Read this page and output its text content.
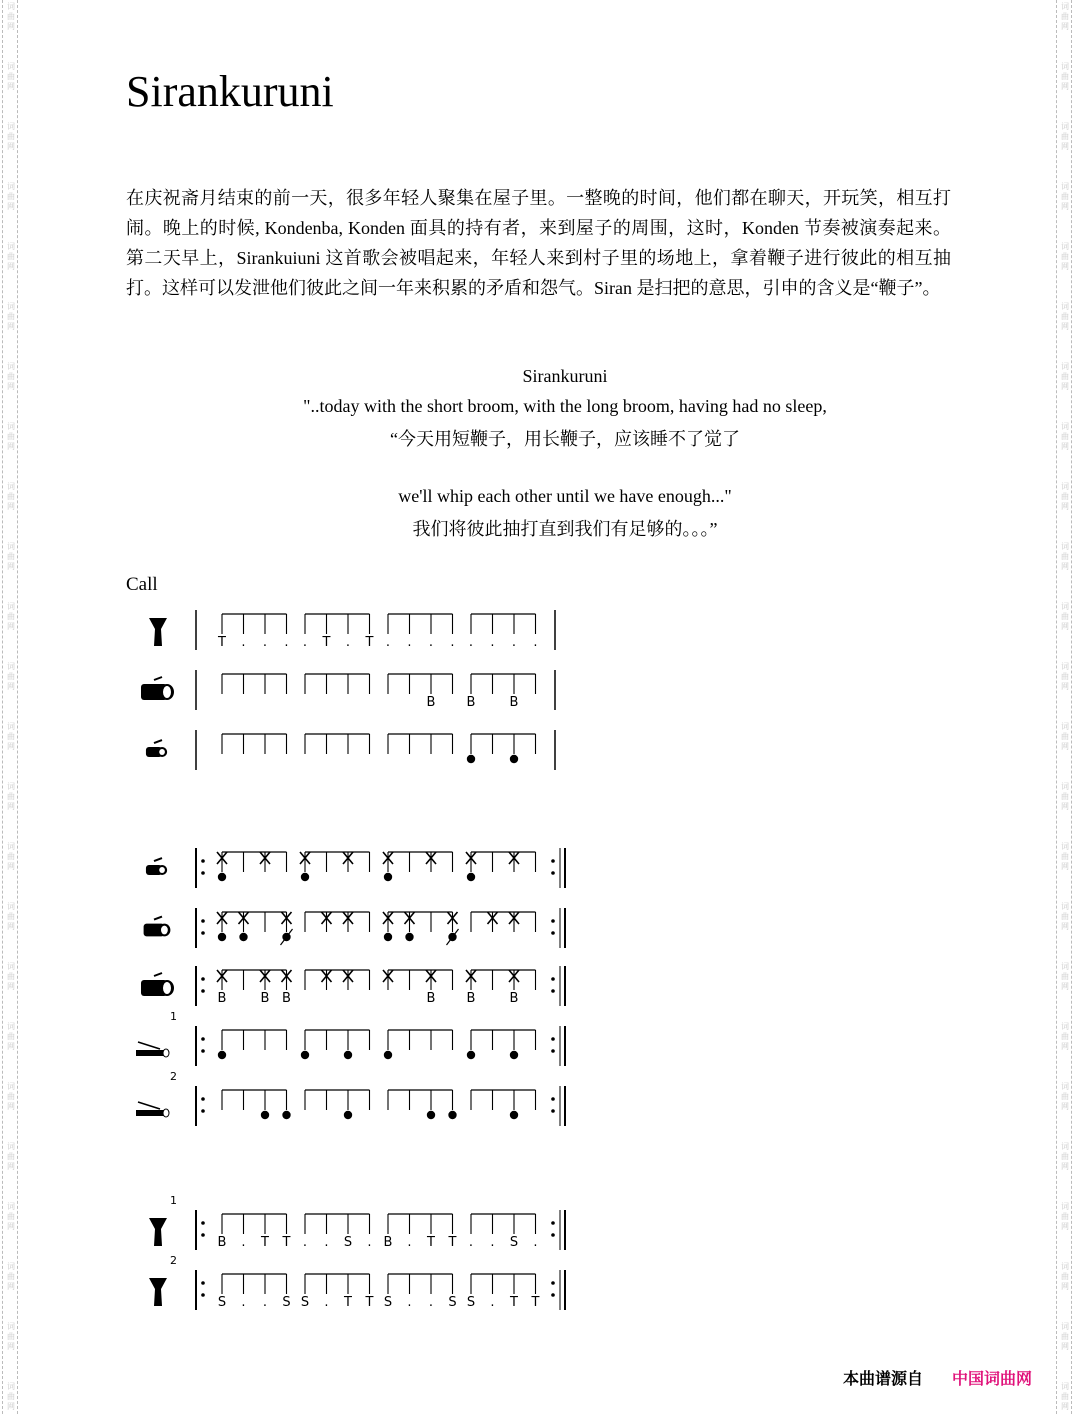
词
曲
网
词
曲
网
词
曲
网
词
曲
网
词
曲
网
词
曲
网
词
曲
网
词
曲
网
词
曲
网
词
曲
网
词
曲
网
词
曲
网
词
曲
网
词
曲
网
词
曲
网
词
曲
网
词
曲
网
词
曲
网
词
曲
网
词
曲
网
词
曲
网
词
曲
网
词
曲
网
词
曲
网
词
曲
网
词
曲
网
词
曲
网
词
曲
网
词
曲
网
词
曲
网
词
曲
网
词
曲
网
词
曲
网
词
曲
网
词
曲
网
词
曲
网
词
曲
网
词
曲
网
词
曲
网
词
曲
网
词
曲
网
词
曲
网
词
曲
网
词
曲
网
词
曲
网
词
曲
网
词
曲
网
词
曲
网
Sirankuruni
在庆祝斋月结束的前一天，很多年轻人聚集在屋子里。一整晚的时间，他们都在聊天，开玩笑，相互打闹。晚上的时候, Kondenba, Konden 面具的持有者，来到屋子的周围，这时，Konden 节奏被演奏起来。第二天早上，Sirankuiuni 这首歌会被唱起来，年轻人来到村子里的场地上，拿着鞭子进行彼此的相互抽打。这样可以发泄他们彼此之间一年来积累的矛盾和怨气。Siran 是扫把的意思，引申的含义是“鞭子”。
Sirankuruni
"..today with the short broom, with the long broom, having had no sleep,
“今天用短鞭子，用长鞭子，应该睡不了觉了
we'll whip each other until we have enough..."
我们将彼此抽打直到我们有足够的。。。”
Call
T . . . . T . T . . . . . . . .
B B	B
B	B B	B B	B
1
2
1
B . T T . . S . B . T T . . S .
2
S . . S S . T T S . . S S . T T
本曲谱源自 中国词曲网
